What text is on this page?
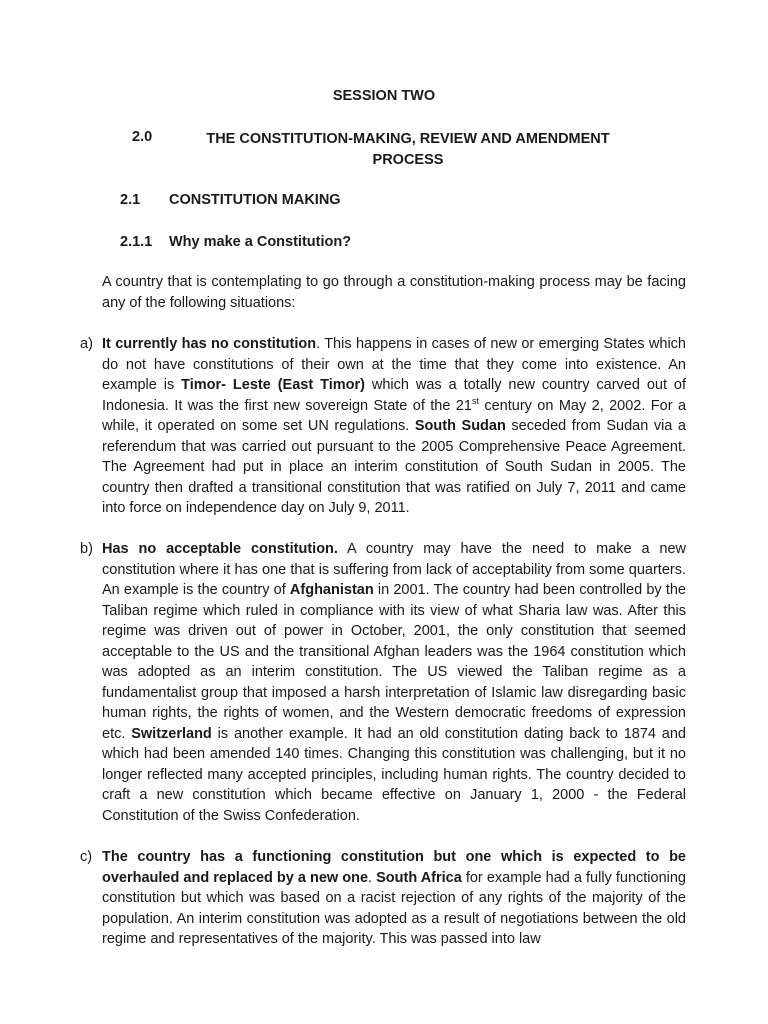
SESSION TWO
2.0	THE CONSTITUTION-MAKING, REVIEW AND AMENDMENT PROCESS
2.1 CONSTITUTION MAKING
2.1.1 Why make a Constitution?

A country that is contemplating to go through a constitution-making process may be facing any of the following situations:

a) It currently has no constitution. This happens in cases of new or emerging States which do not have constitutions of their own at the time that they come into existence. An example is Timor- Leste (East Timor) which was a totally new country carved out of Indonesia. It was the first new sovereign State of the 21st century on May 2, 2002. For a while, it operated on some set UN regulations. South Sudan seceded from Sudan via a referendum that was carried out pursuant to the 2005 Comprehensive Peace Agreement. The Agreement had put in place an interim constitution of South Sudan in 2005. The country then drafted a transitional constitution that was ratified on July 7, 2011 and came into force on independence day on July 9, 2011.
b) Has no acceptable constitution. A country may have the need to make a new constitution where it has one that is suffering from lack of acceptability from some quarters. An example is the country of Afghanistan in 2001. The country had been controlled by the Taliban regime which ruled in compliance with its view of what Sharia law was. After this regime was driven out of power in October, 2001, the only constitution that seemed acceptable to the US and the transitional Afghan leaders was the 1964 constitution which was adopted as an interim constitution. The US viewed the Taliban regime as a fundamentalist group that imposed a harsh interpretation of Islamic law disregarding basic human rights, the rights of women, and the Western democratic freedoms of expression etc. Switzerland is another example. It had an old constitution dating back to 1874 and which had been amended 140 times. Changing this constitution was challenging, but it no longer reflected many accepted principles, including human rights. The country decided to craft a new constitution which became effective on January 1, 2000 - the Federal Constitution of the Swiss Confederation.
c) The country has a functioning constitution but one which is expected to be overhauled and replaced by a new one. South Africa for example had a fully functioning constitution but which was based on a racist rejection of any rights of the majority of the population. An interim constitution was adopted as a result of negotiations between the old regime and representatives of the majority. This was passed into law
